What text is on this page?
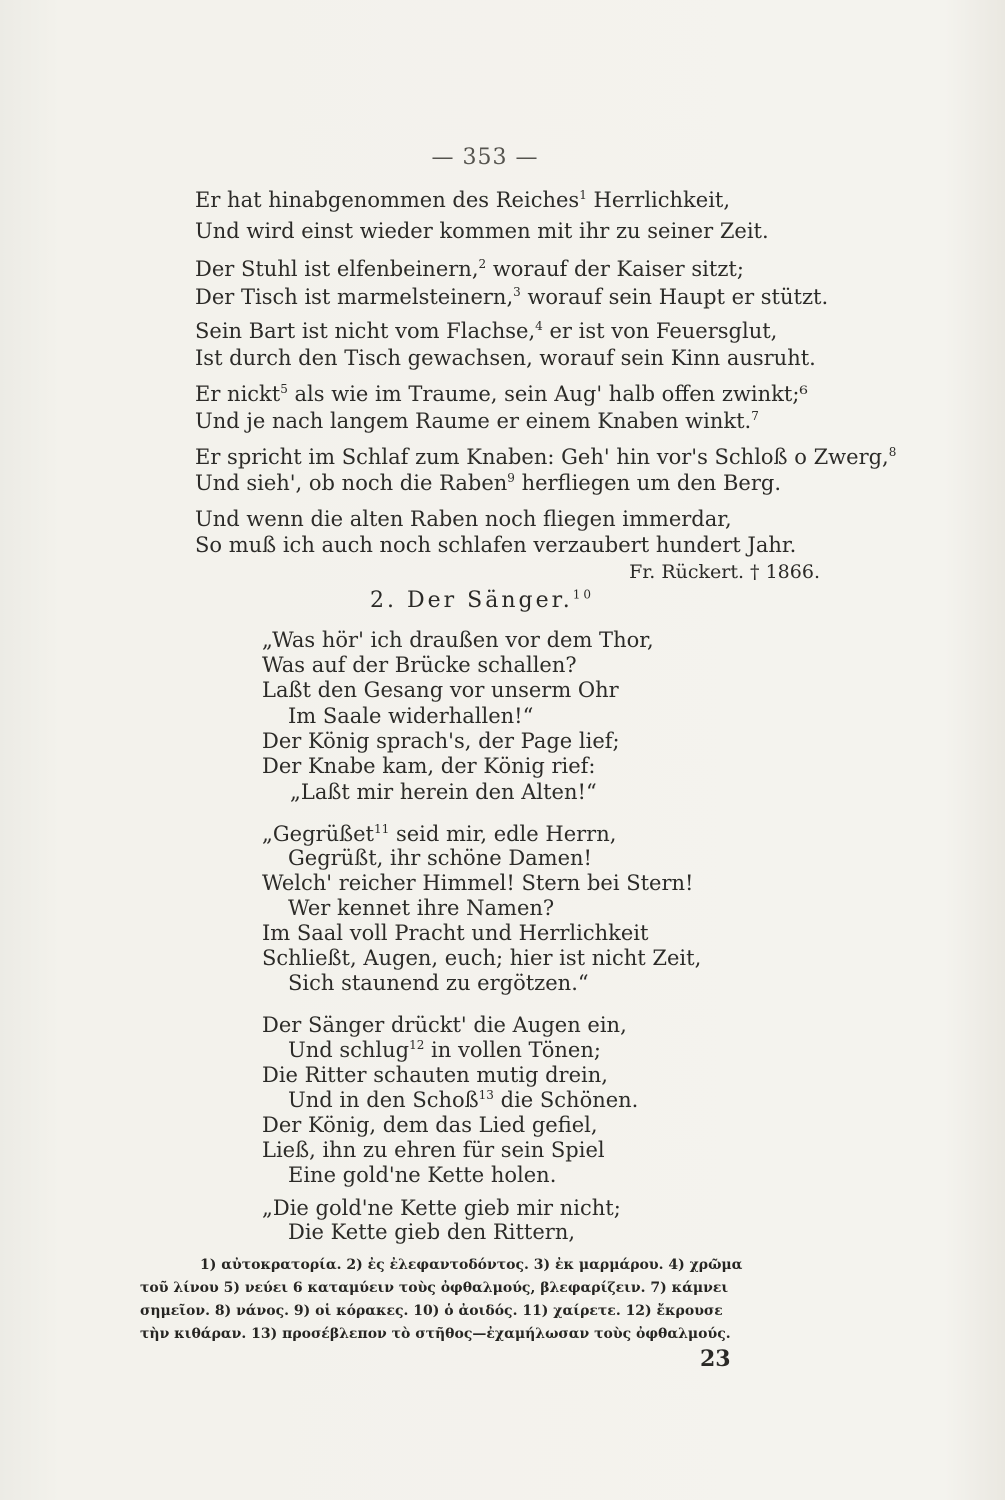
— 353 —
Er hat hinabgenommen des Reiches$^1$ Herrlichkeit,
Und wird einst wieder kommen mit ihr zu seiner Zeit.
Der Stuhl ist elfenbeinern,$^2$ worauf der Kaiser sitzt;
Der Tisch ist marmelsteinern,$^3$ worauf sein Haupt er stützt.
Sein Bart ist nicht vom Flachse,$^4$ er ist von Feuersglut,
Ist durch den Tisch gewachsen, worauf sein Kinn ausruht.
Er nickt$^5$ als wie im Traume, sein Aug' halb offen zwinkt;⁶
Und je nach langem Raume er einem Knaben winkt.$^7$
Er spricht im Schlaf zum Knaben: Geh' hin vor's Schloß o Zwerg,$^8$
Und sieh', ob noch die Raben$^9$ herfliegen um den Berg.
Und wenn die alten Raben noch fliegen immerdar,
So muß ich auch noch schlafen verzaubert hundert Jahr.
Fr. Rückert. † 1866.
2. Der Sänger.$^{10}$
„Was hör' ich draußen vor dem Thor,
Was auf der Brücke schallen?
Laßt den Gesang vor unserm Ohr
Im Saale widerhallen!“
Der König sprach's, der Page lief;
Der Knabe kam, der König rief:
„Laßt mir herein den Alten!“
„Gegrüßet$^{11}$ seid mir, edle Herrn,
Gegrüßt, ihr schöne Damen!
Welch' reicher Himmel! Stern bei Stern!
Wer kennet ihre Namen?
Im Saal voll Pracht und Herrlichkeit
Schließt, Augen, euch; hier ist nicht Zeit,
Sich staunend zu ergötzen.“
Der Sänger drückt' die Augen ein,
Und schlug$^{12}$ in vollen Tönen;
Die Ritter schauten mutig drein,
Und in den Schoß$^{13}$ die Schönen.
Der König, dem das Lied gefiel,
Ließ, ihn zu ehren für sein Spiel
Eine gold'ne Kette holen.
„Die gold'ne Kette gieb mir nicht;
Die Kette gieb den Rittern,
1) αὐτοκρατορία. 2) ἐς ἐλεφαντοδόντος. 3) ἐκ μαρμάρου. 4) χρῶμα
τοῦ λίνου 5) νεύει 6 καταμύειν τοὺς ὀφθαλμούς, βλεφαρίζειν. 7) κάμνει
σημεῖον. 8) νάνος. 9) οἱ κόρακες. 10) ὁ ἀοιδός. 11) χαίρετε. 12) ἔκρουσε
τὴν κιθάραν. 13) προσέβλεπον τὸ στῆθος—ἐχαμήλωσαν τοὺς ὀφθαλμούς.
23
